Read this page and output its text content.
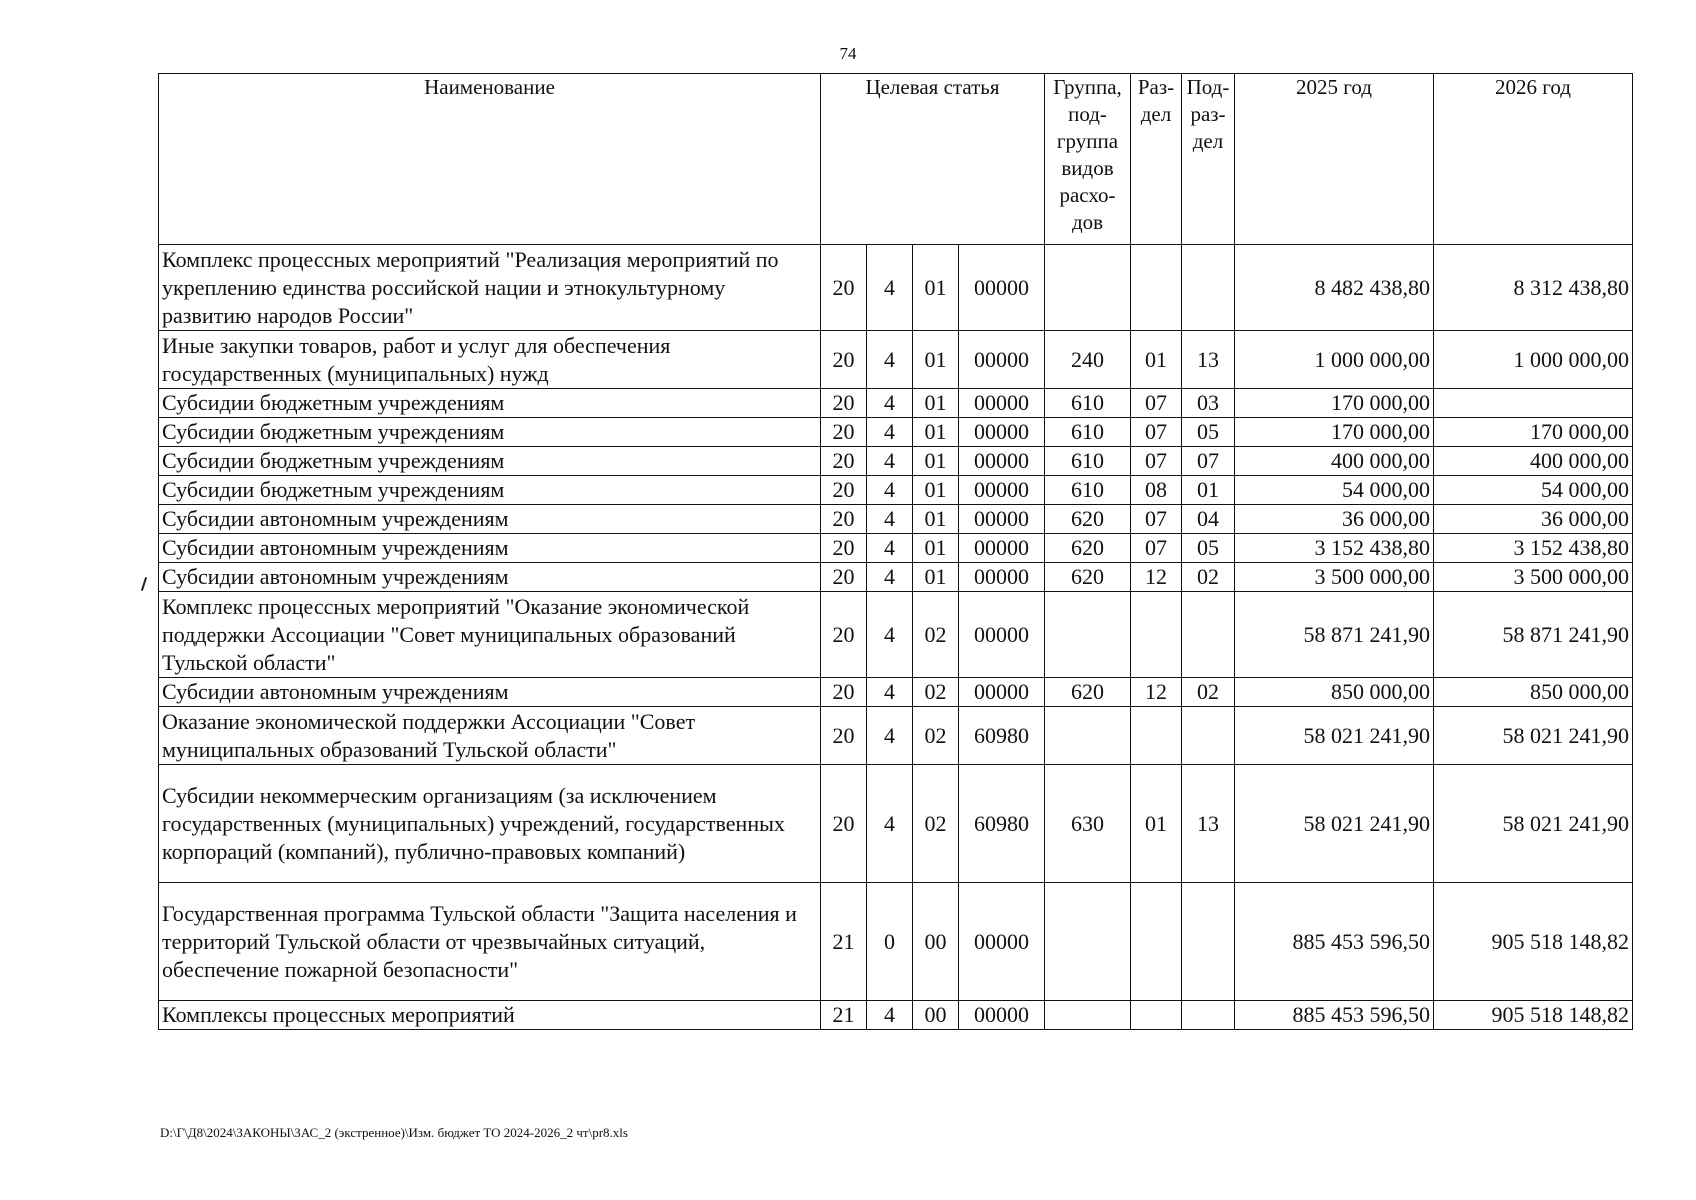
74
Наименование	Целевая статья				Группа, под-группа видов расхо-дов	Раз-дел	Под-раз-дел	2025 год	2026 год
Комплекс процессных мероприятий "Реализация мероприятий по укреплению единства российской нации и этнокультурному развитию народов России"	20	4	01	00000				8 482 438,80	8 312 438,80
Иные закупки товаров, работ и услуг для обеспечения государственных (муниципальных) нужд	20	4	01	00000	240	01	13	1 000 000,00	1 000 000,00
Субсидии бюджетным учреждениям	20	4	01	00000	610	07	03	170 000,00	
Субсидии бюджетным учреждениям	20	4	01	00000	610	07	05	170 000,00	170 000,00
Субсидии бюджетным учреждениям	20	4	01	00000	610	07	07	400 000,00	400 000,00
Субсидии бюджетным учреждениям	20	4	01	00000	610	08	01	54 000,00	54 000,00
Субсидии автономным учреждениям	20	4	01	00000	620	07	04	36 000,00	36 000,00
Субсидии автономным учреждениям	20	4	01	00000	620	07	05	3 152 438,80	3 152 438,80
Субсидии автономным учреждениям	20	4	01	00000	620	12	02	3 500 000,00	3 500 000,00
Комплекс процессных мероприятий "Оказание экономической поддержки Ассоциации "Совет муниципальных образований Тульской области"	20	4	02	00000				58 871 241,90	58 871 241,90
Субсидии автономным учреждениям	20	4	02	00000	620	12	02	850 000,00	850 000,00
Оказание экономической поддержки Ассоциации "Совет муниципальных образований Тульской области"	20	4	02	60980				58 021 241,90	58 021 241,90
Субсидии некоммерческим организациям (за исключением государственных (муниципальных) учреждений, государственных корпораций (компаний), публично-правовых компаний)	20	4	02	60980	630	01	13	58 021 241,90	58 021 241,90
Государственная программа Тульской области "Защита населения и территорий Тульской области от чрезвычайных ситуаций, обеспечение пожарной безопасности"	21	0	00	00000				885 453 596,50	905 518 148,82
Комплексы процессных мероприятий	21	4	00	00000				885 453 596,50	905 518 148,82
D:\Г\Д8\2024\ЗАКОНЫ\ЗАС_2 (экстренное)\Изм. бюджет ТО 2024-2026_2 чт\pr8.xls
